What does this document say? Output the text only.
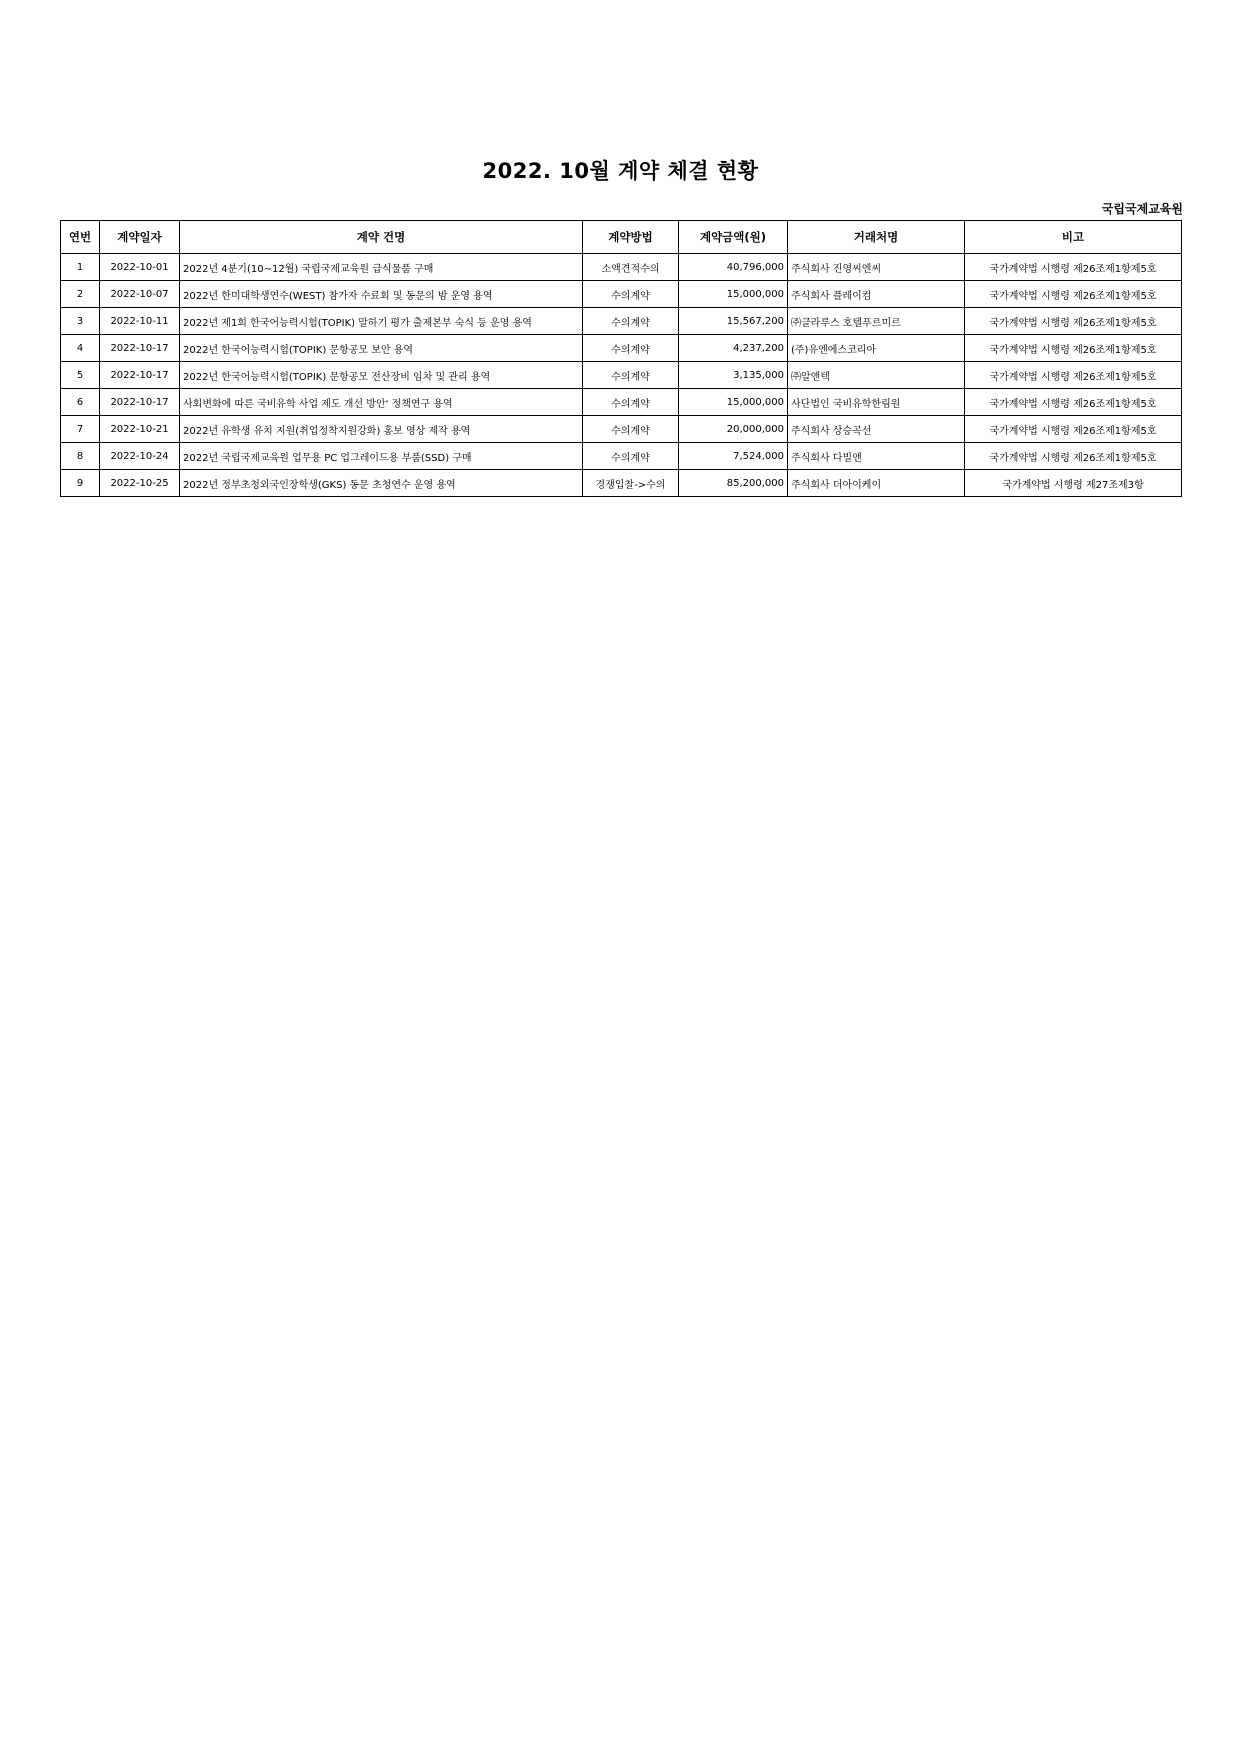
2022. 10월 계약 체결 현황
국립국제교육원
연번	계약일자	계약 건명	계약방법	계약금액(원)	거래처명	비고
1	2022-10-01	2022년 4분기(10~12월) 국립국제교육원 급식물품 구매	소액견적수의	40,796,000	주식회사 진영씨엔씨	국가계약법 시행령 제26조제1항제5호
2	2022-10-07	2022년 한미대학생연수(WEST) 참가자 수료회 및 동문의 밤 운영 용역	수의계약	15,000,000	주식회사 플레이컴	국가계약법 시행령 제26조제1항제5호
3	2022-10-11	2022년 제1회 한국어능력시험(TOPIK) 말하기 평가 출제본부 숙식 등 운영 용역	수의계약	15,567,200	㈜클라루스 호텔푸르미르	국가계약법 시행령 제26조제1항제5호
4	2022-10-17	2022년 한국어능력시험(TOPIK) 문항공모 보안 용역	수의계약	4,237,200	(주)유엔에스코리아	국가계약법 시행령 제26조제1항제5호
5	2022-10-17	2022년 한국어능력시험(TOPIK) 문항공모 전산장비 임차 및 관리 용역	수의계약	3,135,000	㈜알앤텍	국가계약법 시행령 제26조제1항제5호
6	2022-10-17	사회변화에 따른 국비유학 사업 제도 개선 방안' 정책연구 용역	수의계약	15,000,000	사단법인 국비유학한림원	국가계약법 시행령 제26조제1항제5호
7	2022-10-21	2022년 유학생 유치 지원(취업정착지원강화) 홍보 영상 제작 용역	수의계약	20,000,000	주식회사 상승곡선	국가계약법 시행령 제26조제1항제5호
8	2022-10-24	2022년 국립국제교육원 업무용 PC 업그레이드용 부품(SSD) 구매	수의계약	7,524,000	주식회사 다빌앤	국가계약법 시행령 제26조제1항제5호
9	2022-10-25	2022년 정부초청외국인장학생(GKS) 동문 초청연수 운영 용역	경쟁입찰->수의	85,200,000	주식회사 더아이케이	국가계약법 시행령 제27조제3항
